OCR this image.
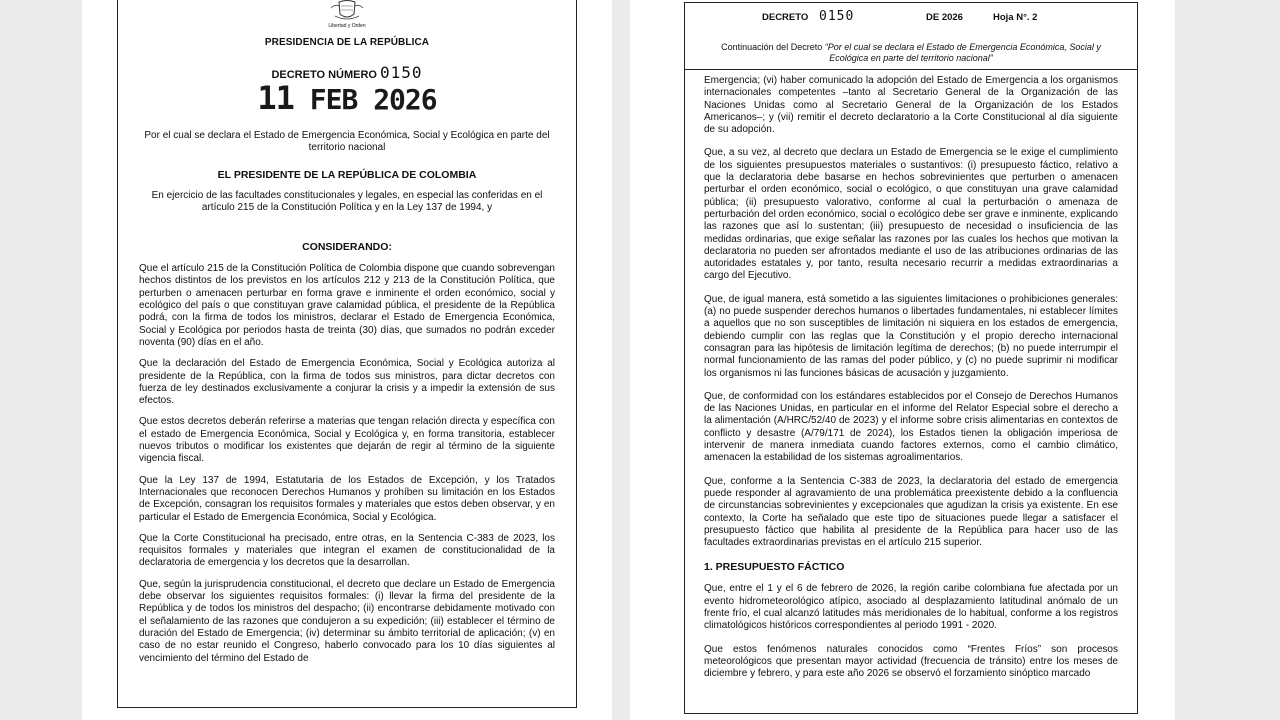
Libertad y Orden
PRESIDENCIA DE LA REPÚBLICA
DECRETO NÚMERO 0150
11 FEB 2026

Por el cual se declara el Estado de Emergencia Económica, Social y Ecológica en parte del territorio nacional

EL PRESIDENTE DE LA REPÚBLICA DE COLOMBIA

En ejercicio de las facultades constitucionales y legales, en especial las conferidas en el artículo 215 de la Constitución Política y en la Ley 137 de 1994, y

CONSIDERANDO:

Que el artículo 215 de la Constitución Política de Colombia dispone que cuando sobrevengan hechos distintos de los previstos en los artículos 212 y 213 de la Constitución Política, que perturben o amenacen perturbar en forma grave e inminente el orden económico, social y ecológico del país o que constituyan grave calamidad pública, el presidente de la República podrá, con la firma de todos los ministros, declarar el Estado de Emergencia Económica, Social y Ecológica por periodos hasta de treinta (30) días, que sumados no podrán exceder noventa (90) días en el año.

Que la declaración del Estado de Emergencia Económica, Social y Ecológica autoriza al presidente de la República, con la firma de todos sus ministros, para dictar decretos con fuerza de ley destinados exclusivamente a conjurar la crisis y a impedir la extensión de sus efectos.

Que estos decretos deberán referirse a materias que tengan relación directa y específica con el estado de Emergencia Económica, Social y Ecológica y, en forma transitoria, establecer nuevos tributos o modificar los existentes que dejarán de regir al término de la siguiente vigencia fiscal.

Que la Ley 137 de 1994, Estatutaria de los Estados de Excepción, y los Tratados Internacionales que reconocen Derechos Humanos y prohíben su limitación en los Estados de Excepción, consagran los requisitos formales y materiales que estos deben observar, y en particular el Estado de Emergencia Económica, Social y Ecológica.

Que la Corte Constitucional ha precisado, entre otras, en la Sentencia C-383 de 2023, los requisitos formales y materiales que integran el examen de constitucionalidad de la declaratoria de emergencia y los decretos que la desarrollan.

Que, según la jurisprudencia constitucional, el decreto que declare un Estado de Emergencia debe observar los siguientes requisitos formales: (i) llevar la firma del presidente de la República y de todos los ministros del despacho; (ii) encontrarse debidamente motivado con el señalamiento de las razones que condujeron a su expedición; (iii) establecer el término de duración del Estado de Emergencia; (iv) determinar su ámbito territorial de aplicación; (v) en caso de no estar reunido el Congreso, haberlo convocado para los 10 días siguientes al vencimiento del término del Estado de

DECRETO 0150	DE 2026	Hoja N°. 2
Continuación del Decreto “Por el cual se declara el Estado de Emergencia Económica, Social y Ecológica en parte del territorio nacional”

Emergencia; (vi) haber comunicado la adopción del Estado de Emergencia a los organismos internacionales competentes –tanto al Secretario General de la Organización de las Naciones Unidas como al Secretario General de la Organización de los Estados Americanos–; y (vii) remitir el decreto declaratorio a la Corte Constitucional al día siguiente de su adopción.

Que, a su vez, al decreto que declara un Estado de Emergencia se le exige el cumplimiento de los siguientes presupuestos materiales o sustantivos: (i) presupuesto fáctico, relativo a que la declaratoria debe basarse en hechos sobrevinientes que perturben o amenacen perturbar el orden económico, social o ecológico, o que constituyan una grave calamidad pública; (ii) presupuesto valorativo, conforme al cual la perturbación o amenaza de perturbación del orden económico, social o ecológico debe ser grave e inminente, explicando las razones que así lo sustentan; (iii) presupuesto de necesidad o insuficiencia de las medidas ordinarias, que exige señalar las razones por las cuales los hechos que motivan la declaratoria no pueden ser afrontados mediante el uso de las atribuciones ordinarias de las autoridades estatales y, por tanto, resulta necesario recurrir a medidas extraordinarias a cargo del Ejecutivo.

Que, de igual manera, está sometido a las siguientes limitaciones o prohibiciones generales: (a) no puede suspender derechos humanos o libertades fundamentales, ni establecer límites a aquellos que no son susceptibles de limitación ni siquiera en los estados de emergencia, debiendo cumplir con las reglas que la Constitución y el propio derecho internacional consagran para las hipótesis de limitación legítima de derechos; (b) no puede interrumpir el normal funcionamiento de las ramas del poder público, y (c) no puede suprimir ni modificar los organismos ni las funciones básicas de acusación y juzgamiento.

Que, de conformidad con los estándares establecidos por el Consejo de Derechos Humanos de las Naciones Unidas, en particular en el informe del Relator Especial sobre el derecho a la alimentación (A/HRC/52/40 de 2023) y el informe sobre crisis alimentarias en contextos de conflicto y desastre (A/79/171 de 2024), los Estados tienen la obligación imperiosa de intervenir de manera inmediata cuando factores externos, como el cambio climático, amenacen la estabilidad de los sistemas agroalimentarios.

Que, conforme a la Sentencia C-383 de 2023, la declaratoria del estado de emergencia puede responder al agravamiento de una problemática preexistente debido a la confluencia de circunstancias sobrevinientes y excepcionales que agudizan la crisis ya existente. En ese contexto, la Corte ha señalado que este tipo de situaciones puede llegar a satisfacer el presupuesto fáctico que habilita al presidente de la República para hacer uso de las facultades extraordinarias previstas en el artículo 215 superior.

1. PRESUPUESTO FÁCTICO

Que, entre el 1 y el 6 de febrero de 2026, la región caribe colombiana fue afectada por un evento hidrometeorológico atípico, asociado al desplazamiento latitudinal anómalo de un frente frío, el cual alcanzó latitudes más meridionales de lo habitual, conforme a los registros climatológicos históricos correspondientes al periodo 1991 - 2020.

Que estos fenómenos naturales conocidos como “Frentes Fríos” son procesos meteorológicos que presentan mayor actividad (frecuencia de tránsito) entre los meses de diciembre y febrero, y para este año 2026 se observó el forzamiento sinóptico marcado
